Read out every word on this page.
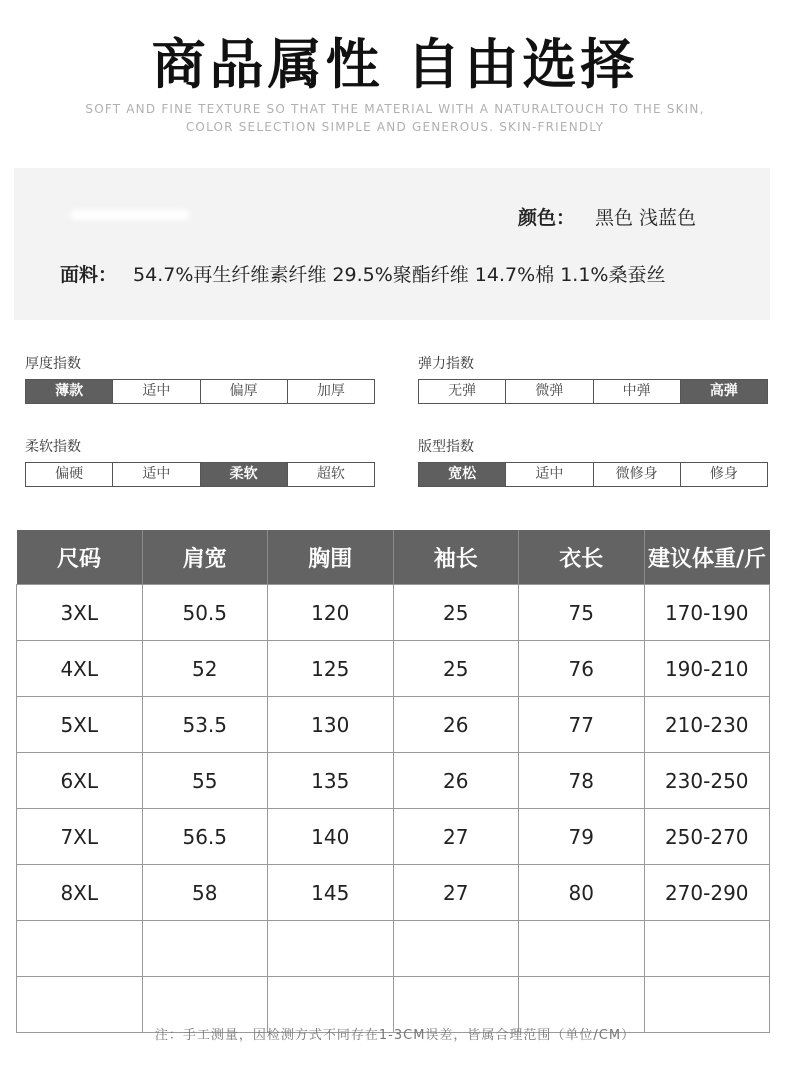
商品属性 自由选择
SOFT AND FINE TEXTURE SO THAT THE MATERIAL WITH A NATURALTOUCH TO THE SKIN,
COLOR SELECTION SIMPLE AND GENEROUS. SKIN-FRIENDLY
颜色： 黑色 浅蓝色
面料： 54.7%再生纤维素纤维 29.5%聚酯纤维 14.7%棉 1.1%桑蚕丝
厚度指数
薄款	适中	偏厚	加厚
弹力指数
无弹	微弹	中弹	高弹
柔软指数
偏硬	适中	柔软	超软
版型指数
宽松	适中	微修身	修身
尺码	肩宽	胸围	袖长	衣长	建议体重/斤
3XL	50.5	120	25	75	170-190
4XL	52	125	25	76	190-210
5XL	53.5	130	26	77	210-230
6XL	55	135	26	78	230-250
7XL	56.5	140	27	79	250-270
8XL	58	145	27	80	270-290

注：手工测量，因检测方式不同存在1-3CM误差，皆属合理范围（单位/CM）
